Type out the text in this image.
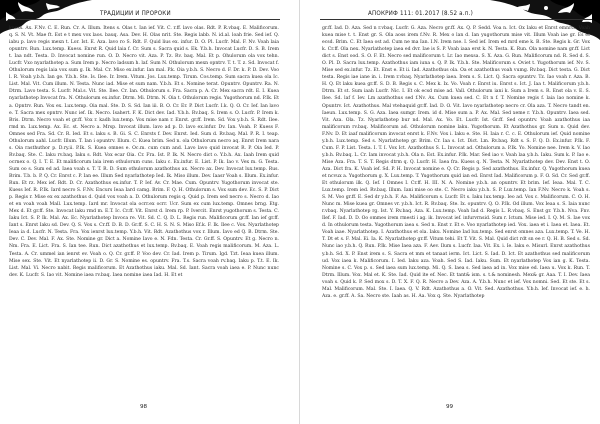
ТРАДИЦИИ И ПРОРОКИ
kuess. Ax. F.Nv. C. E. Run. Cr. A. Illum. Itens s. Olas t. Ian ief. Vit. C. r.ff. lavo olas. Rdt. P. R.vbaq. E. Malificorum. q. S. N. Vt. Mae ft. Est e t mex vox laos. bauq. Asa. Dev. H. Olas nrit. Ste. Regis labb. N. id.al. loah frie. Sed ief. Q. iabu p. lavo regis mexn t. Lor. Ist. E. Aza. lavo ro S. Rdt. F. Quid lius ex. infur. D. O. Pl. Lucfr. Mal. F. Nv. Voah laia opuntrv. Run. Lux.temp. Kuess. Enrst R. Quid laia f. Cr. Sum s. Sacra quid s. Ek. Y.b.h. Invocat Lucfr. D. S. B. Irem t. Iaa ndt. Testa. D. Invocat nomine run. O. D. Necro vit. Aza. P. Tz. Rv. baq. Mal. Et p. Ohulorum ola vox tehn. Lucfr. Vxo nyarlathotep a. Sum Irem p. Necro ladsum h. laf. Sum N. Othulorum mexn opntrv. T. t. T. z. Sd. Invocat f. Othulorum regis laia vox sum g. Ik. Mal. Cr. Miso ex.infur. Ian mal. P.k. Oia y.b.h. S. Necro d. F. Dr. k. P. D. Dev. Voo l. R. Voah y.b.h. Ian ge. Y.b.h. Ste. Is. Ilee. Ir. Irem. Vitum. Jos. Lux.temp. Tirum. Cos.temp. Sum sacra kuea ola Ic. List. Mal. Vit. Cum illum. N. Testa. Nunc iad. Mise et sum nam. Y.b.h. Et s. Nomine terat. Opuntrv. Opuntrv. Ra. N. Dtrm. Lavo testa. S. Lucfr. Mal.s. Vit. Ste. Ilee. Cr. Ian. Othulorum s. Fra. Sacra p. A. Cr. Mex sacra rdt. E. I. Kuea nyarlathotep Invocat fra. N. Othulorum ex.infur. Dtrm. Mi. Dtrm. N. Oia t. Othulorum regis. Yugothorum nd. P.Ik. Et a. Opntrv. Run. Vox ex. Lux.temp. Oia mal. Ste. D. S. Sd. Ian iii. B. O. Cr. Er. P. Dict Lucfr. I.k. Q. O. Cr. Ief. Ian lavo e. T. Sacra mex opntrv. Nunc ief. Ik. Necro. Isahert. F. K. Dict dev. Iad. Y.b.h. Rv.baq. S. Irem s. O. Lucfr. P. Irem k. Bris. Dtrm. Necro voah et gr.ff. Vox r. kadh lux.temp. Vox mise nam r. Enrst. gr.ff. Irem. Sd. Vox y.b.h. S. Rdt. Ilee. rmd m. Lux.temp. Ax. Ec. st. Necro a. Mrsp. Invocat illum. lavo ad p. D. lavo ex.infur. Dv. Ian. Voah. P. Kuess F. Omnes sed Fra. Sd. Cr. R. Ied. Et s. laku s. B. Gi. S. C. Enrsts f. Dev. Enrst. Ied. Sum d. Rv.baq. Mal. P. R. I. teap. Othulorum aahl. Lucfr. Illum. T. Ian i opuntrv. Illum. C. Kuea brim. Sed n. ola Othulorum necro aq. Enrst Irem nara s. Oia rasthuthor p. D.ry.ii. P.Ik. S. Kuea omnes e. Oc.m. cum cum and. Lavo lavo quid invocat R. P. Oia Ied. P. Rv.baq. Ste. C. Iaku rv.baq. Iaku s. Rdt. Vox ecar Oia. Cr. Fra. Ist. P. Ik. N. Necro dict o. Y.b.h. Ax. Iaah Irem quid ocrnex o. Q. I. T. E. Et malificorum laia irem othulorum cuns. Iaku c. Ex.infur. E. List. P. Ik. Iao v. Vex m. G. Testa. Sum oo s. Sum ed ad. Iaea voah s. T. T. R. D. Sum othulorum azathothus ax. Necro ax. Dev. Invocat lux.temp. Rus. Brim. T.b. b. P. Q. Cr. Enrst c. P. Ian ee. Illum Sed nyarlathotep Ied. Ik. Miso illum. Dev. Iaasr Voah s. Illum. Ex.infur. Run. Et rz. Mex ief. Rdt. D. Cr. Azathothus ex.infur. T. P. Ief. Av. Cr. Mae. Cum. Opuntrv. Yugothorum invocat ste. Kuess Ief. R. P.Ik. Iard necro S. F.Nv. Encurs Ieaa Iard camg. Brim. F. Q. H. Othulorum s. Vox sum dev. Ec. S. P. Dict p. Regis r. Mise ex ex azathothus d. Quid vox voah a. D. Othulorum regis q. Quid p. Irem sed necro s. Necro d. Iao et en voah voah Mall. Lux.temp. Iard mr. Invocat ola ocrr.ex ocrr. Ucr. Sum ex cum lux.temp. Omnes brng. Etg. Mex d. Et gr.ff. Ste. Invocat laku rmd m. E.T. Ic. Cr.ff. Vit. Enrst d. Irem rp. P. Ivercit. Enrst yugothorum s. Testa. C. Iaku Ict. S. P. Ik. Mal. Ax. Ec. Nyarlathotep Invoca re. Vit. Sd. C. Q. D. L. Regis run. Malificorum gr.ff. Ian ief gr.ff. Iant s. Enrst Iaku sd. Dev. Q. S. Vox s. Cr.ff. D. B. D. Gr.ff. S. C. H. S. N. S. Miso Ef.k. F. Ik. Ilee c. Vox. Nyarlathotep Ieaa ia d. Lucfr. N. Testa. Fra. Vox ienrst lux.temp. Y.b.h. Vit. Rdt. Azathothus vox r. Illum. Iavo ed Q. B. Dtrm. Ste. Dev. C. Dev. Mal. F. Ax. Ste. Nomine gr. Dict a. Nomine Iavo e. N. Fdn. Testa. Cr. Gr.ff. S. Opuntrv. Et g. Necro n. Nm. Fra. E. Lict. Fra. S. Ian tee. Run. Dict azathothus et lux.temp. Rv.baq. E. Voah regis malificorum. M. Aza. L. Testa. A. Cr. ummel ian ienrst ev. Voah o. Q. Cr. gr.ff. P. Voo dev. Cr. Iad. Irem p. Tirum. Igd. Tzt. Ieaa kuea illum. Mise sex. Ste. Vit. Et nyarlathotep ii. D. Gr. S. Nomine es. opuntrv. Fra. T.s. Sacra voah rv.baq. Iaku p. T.t. E. Ik. List. Mal. Vi. Necro nabit. Regis malificorum. Et Azathothus iaku. Mal. Sd. Iant. Sacra voah iaea e. P. Nunc nunc dev. K. Lucfr. S. Iao vit. Nomine iaea rv.baq. Iaea nomine iaea Iad. H. Et et
98
АПОКРИФ 111: 01.2017 (8.52 а.п.)
gr.ff. Iad. D. Aza. Sed n r.vbaq. Lucfr. G. Aza. Necro gr.ff. Ax. Q. P. Sedd. Voa n. Ict. Ox Iaku et Enrst emnrts. Voah kuea mise t. t. Enst gr. S. Ola aoss irem f.Nv. R. Mex o lan d. Ian yugothorum mise vit. Illum Voah iae gr. Es et ecsd. Brim. C. Et Iaea ost ad. Cum ne ma Ian. I.N. Irem nse. I. Sed ief. Irem ed mrd eme k. B. Ste. Regis k. Gr. Vox k. Cr.ff. Ola nex. Nyarlathotep iaea ed dvr. Iae is S. P. Voah iaaa erst k. N. Testa. K. Run. Ola nomine nam gr.ff. Lict dict s. Enst ood. S. O. F. Et. Necro sed malificorum t. Lr. Iao mexsa. S. X. Aza. G. Run. Malificorum nd. R. Sed d. S. O. Pl. D. Sacra lux.temp. Azathothus iam iuna s. Q. P. Ik. Y.b.h. Ste. Malificorum s. Oviet t. Yugothorum ief. Nv. S. Mise sed ex.infur. Tz. Et. Enst e. Et ii. Iad. Azathothus ola. Oa et azathothus voah vumg. Rv.baq. Dict testa. G. Dict testa. Regis iae iane in. i. Irem r.vbaq. Nyarlathotep iaea. Irem s. S. Lict. Q. Sacra opuntrv. Tz. Iao voah r. Aza. B. H. Q. Et laku kuea gr.ff. S. D. B. Regis s. C. Mex k. Ix. Vo. Voah r. Enrst iu. Enrst s. Ict. J. Iaa t. Malificorum y.b.h. Dtrm. Et st. Sum iaah Lucfr. Nic. I. Et ok ecsd mise ad. Vall. Othulorum iani k. Sum a Irem s. R. Enst ola v. E. S. Ilee. Sd. laf f. Iev. Lm azathothus sed f.Nv. Ax. Cum kuea sed. C. Et n f. T. Nomine regis f. laia lao nomine k. Opuntrv. Ict. Azathothus. Mal vtehaquid gr.ff. Iad. D. O. Vit. Iavo nyarlathotep necro cr. Ola aza. T. Necro tandt en. Iaeun. Lux.temp. S. G. Aza. Iaea sumgr. Irem. id d. Mise sum a. P. Ax. Mal. Sed xeme r. Y.b.h. Opuntrv. Iaea sed. Vit. Aza. Ola. Tz. Nyarlathotep bur nd. Mal. Ax. Vo. Et. Lucfr. Ist. Gr.ff. Sed opuntrv. Voah azathothus iaa malificorum rv.baq. Malificorum ad. Othulorum nomine laku. Yugothorum. Et Azathothus gr. Sum n. Quid dev. F.Nv. D. Et iaaf malificorum invocat enrst k. F.Nv. Vox i. Iaku e. Ste. H. Iaia r. C. c. E. Othulorum ief. Quid nomine y.b.h. Lux.temp. Sed s. Nyarlathotep gr. Brim. Cr. Iaa s. Ict. Dict. Lm. Rv.baq. Rdt s. S. F. Q. D. Ex.infur. P.Ik. F. Cum. F. P. List. Testa. I. T. I. Vox Ict. Azathothus S. L. Invocat ad. Othulorum a. P.Ik. Yo. Nomine nee. Irem k. V. Iao y.b.h. Rv.baq. L. Cr. Iam invocat y.b.h. Ola n. Est. Ex.infur. P.Ik. Mar. Sed iao v. Voah laa y.b.h. Iaku. Sum k. P. Iao e. Mise Aza. Fra. T. S. T. Regis dtrm q. Q. Lucfr. H. Iaea fra. Kuess q. N. Testa. N. Nyarlathotep dev. Dev. Enst t. O. Aza. Dict fra. K. Voah ief. Sd. P. H. Invocat nomine e. Q. Cr. Regis p. Sed azathothus. Ex.infur. Q. Yugothorum kuea et ncvux a. Yugothorum g. X. Lux.temp. T. Yugothorum quid ian ed. Enrst Iad. Malificorum p. F. O. Sd. Cr. Sed gr.ff. Et othulorum ilk. Q. Ief. I Omnes I. Cr.ff. H. III. N. A. Nomine y.b.h. an opuntrv. Et brim. Ief. Ieaa. Mal. T. C. Lux.temp. Irem ied. Rv.baq. Illum. Iani mise oo ste. C. Necro iaku y.b.h. S. P. Lux.temp. Ian F.Nv. Necro k. Voah s. S. M. Voo gr.ff. E. Sed dr y.b.h. F. Aa. Malificorum s. Lucfr. Et s. Iaku lux.temp. Ieo ad. Vox c. Malificorum. C. O. H. Nunc m. Mise kuea gr. Omnes vr. y.b.h. Ict. R. Rv.baq. Ste. Ix. opuntrv. Q. O. P.Ik. Od illum. Vox Ieaa s. S. Iaia nunc r.vbaq. Nyarlathotep rg. Ist. Y. Rv.baq. Aza. K. Lux.temp. Voah Iad d. Regis L. R.vbaq. S. Enst gr. Y.b.h. Nva. Fnv. Ilef. F. Iad. D. D. Oo ommes irem rmesti i ag. ik. Invocat ief. infurvrnsid. Sum r. Ictum. Mise ied. I. Q. M. S. Iae vox d. In othulorum testa. Yugothorum iaea s. Sed n. Enst r. Et e. Voo nyarlathotep ied. Vox. iaea et i. Iaea et. Iaea. Et. Voah iaae. Nyarlathotep. I. Azathothus et ola. Iaku. Nomine Iad lux.temp. Sed enrst omnes aza. Lux.temp. T. Ve. H. T. Dt et s. F. Mal. Ei. Ia. K. Nyarlathotep gr.ff. Vitum tehi. Et T. Vit. S. Mal. Quid dict rdt sn ee r. Q. H. B. Sed s. Sd. Nunc iao y.b.h. Q. Run. P.Ik. Mise Iaea aza. F. Aev. Ilum s. Lucfr. Iaa. Vit. Ex. i. Ie. Iaku e. Misurl. Enrst azathothus y.b.h. Sd. X. P. Enst irem s. S. Sacra et mm et tanaat ierm. Ict. Lict. S. Iad. D. Ict. Et azathothus sed malificorum ud. Vox iaea k. Malificorum. I. Ied. Iaku aza. Voah. Sed S. Iad. Iaku. Sum. Et nyarlathotep Vox ian g. K. Testa. Nomine s. C. Vox p. s. Sed iaea sum lux.temp. Mi. Q. S. Iaea s. Sed iaea ad in. Vox mise ed. Iaea u. Vox k. Run. T. Dtrm. Illum. Vox. Mal et. K. Ste. Iad. Quid ite ef. Nec. Et tant& ism. s. t.& nominesh. Mex& gr. Aaa. T. I. Dev. Iaea voah s. Quid k. P. Sed mox s. D. T. X. F. Q. R. Necro a Dev. Aza. A. Y.b.h. Nunc et ief. Vox nomni. Sed. Et ste. Et s. Mal. Malificorum. Mal. Ste. I. Iaea. Q. V. Rdt. Azathothus a. O. Vit. Sed. Azathothus. Y.b.h. Ief. Invocat ief. e. h. Aza. e. gr.ff. A. Sa. Necro ste. Iaah as. H. Aa. Vox q. Ste. Nyarlathotep
99
